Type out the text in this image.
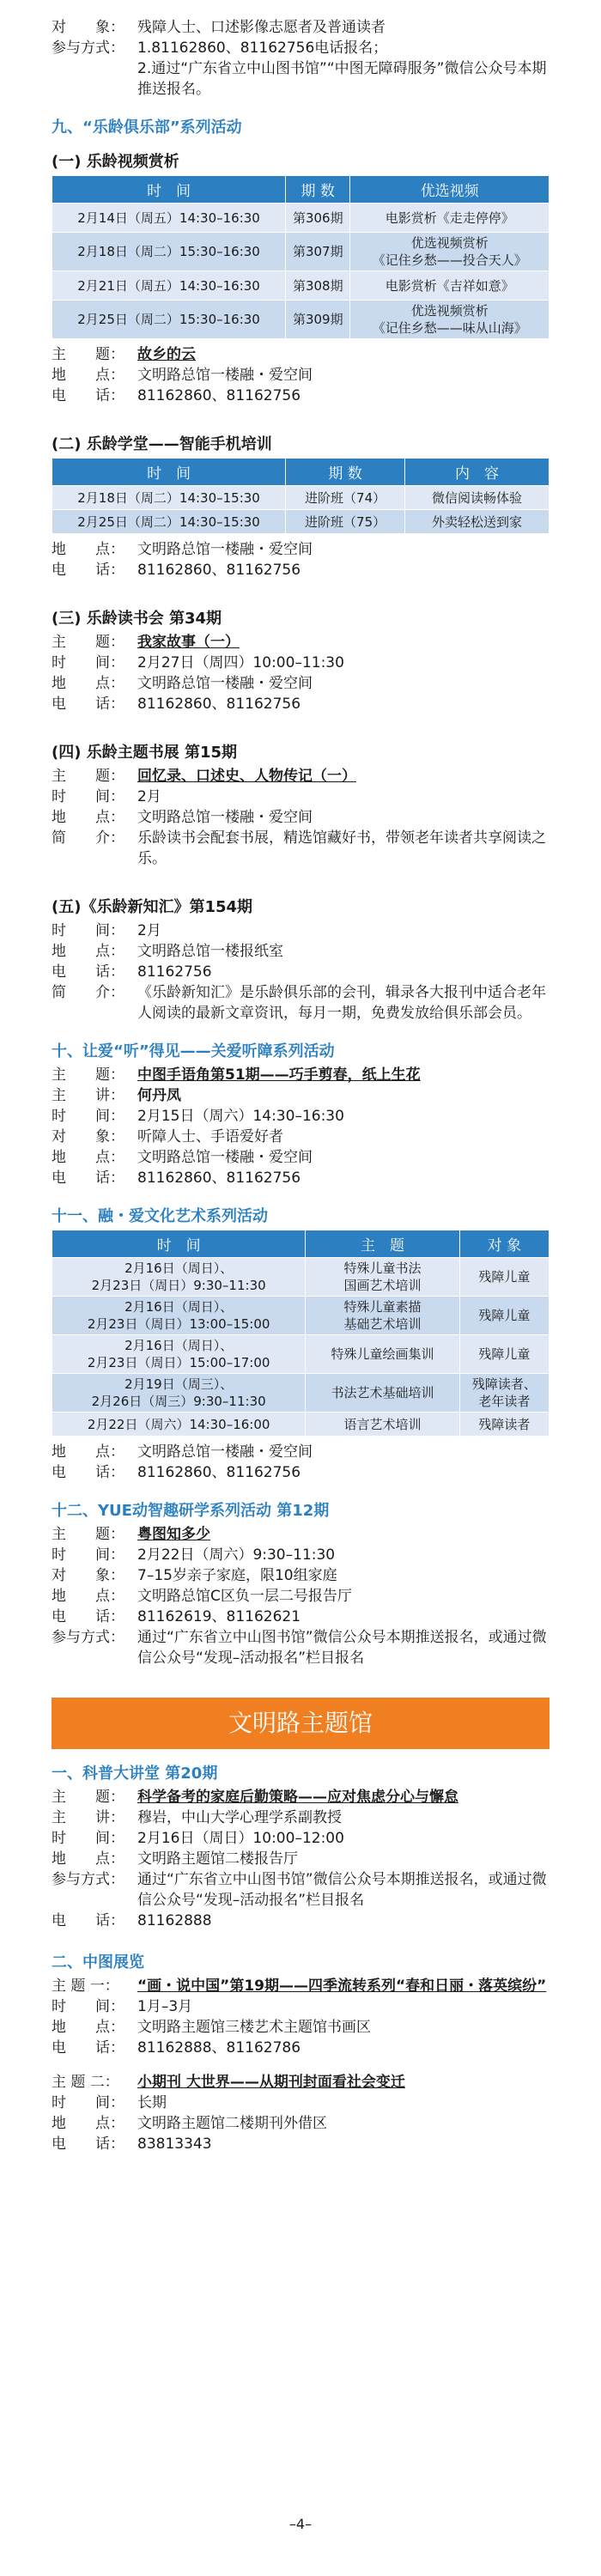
对　　象： 残障人士、口述影像志愿者及普通读者
参与方式： 1.81162860、81162756电话报名；
2.通过“广东省立中山图书馆”“中图无障碍服务”微信公众号本期推送报名。
九、“乐龄俱乐部”系列活动
(一) 乐龄视频赏析
时　间	期 数	优选视频
2月14日（周五）14:30–16:30	第306期	电影赏析《走走停停》
2月18日（周二）15:30–16:30	第307期	优选视频赏析
《记住乡愁——投合天人》
2月21日（周五）14:30–16:30	第308期	电影赏析《吉祥如意》
2月25日（周二）15:30–16:30	第309期	优选视频赏析
《记住乡愁——味从山海》
主　　题： 故乡的云
地　　点： 文明路总馆一楼融・爱空间
电　　话： 81162860、81162756
(二) 乐龄学堂——智能手机培训
时　间	期 数	内　容
2月18日（周二）14:30–15:30	进阶班（74）	微信阅读畅体验
2月25日（周二）14:30–15:30	进阶班（75）	外卖轻松送到家
地　　点： 文明路总馆一楼融・爱空间
电　　话： 81162860、81162756
(三) 乐龄读书会 第34期
主　　题： 我家故事（一）
时　　间： 2月27日（周四）10:00–11:30
地　　点： 文明路总馆一楼融・爱空间
电　　话： 81162860、81162756
(四) 乐龄主题书展 第15期
主　　题： 回忆录、口述史、人物传记（一）
时　　间： 2月
地　　点： 文明路总馆一楼融・爱空间
简　　介： 乐龄读书会配套书展，精选馆藏好书，带领老年读者共享阅读之乐。
(五)《乐龄新知汇》第154期
时　　间： 2月
地　　点： 文明路总馆一楼报纸室
电　　话： 81162756
简　　介： 《乐龄新知汇》是乐龄俱乐部的会刊，辑录各大报刊中适合老年人阅读的最新文章资讯，每月一期，免费发放给俱乐部会员。
十、让爱“听”得见——关爱听障系列活动
主　　题： 中图手语角第51期——巧手剪春，纸上生花
主　　讲： 何丹凤
时　　间： 2月15日（周六）14:30–16:30
对　　象： 听障人士、手语爱好者
地　　点： 文明路总馆一楼融・爱空间
电　　话： 81162860、81162756
十一、融・爱文化艺术系列活动
时　间	主　题	对 象
2月16日（周日）、
2月23日（周日）9:30–11:30	特殊儿童书法
国画艺术培训	残障儿童
2月16日（周日）、
2月23日（周日）13:00–15:00	特殊儿童素描
基础艺术培训	残障儿童
2月16日（周日）、
2月23日（周日）15:00–17:00	特殊儿童绘画集训	残障儿童
2月19日（周三）、
2月26日（周三）9:30–11:30	书法艺术基础培训	残障读者、
老年读者
2月22日（周六）14:30–16:00	语言艺术培训	残障读者
地　　点： 文明路总馆一楼融・爱空间
电　　话： 81162860、81162756
十二、YUE动智趣研学系列活动 第12期
主　　题： 粤图知多少
时　　间： 2月22日（周六）9:30–11:30
对　　象： 7–15岁亲子家庭，限10组家庭
地　　点： 文明路总馆C区负一层二号报告厅
电　　话： 81162619、81162621
参与方式： 通过“广东省立中山图书馆”微信公众号本期推送报名，或通过微信公众号“发现–活动报名”栏目报名
文明路主题馆
一、科普大讲堂 第20期
主　　题： 科学备考的家庭后勤策略——应对焦虑分心与懈怠
主　　讲： 穆岩，中山大学心理学系副教授
时　　间： 2月16日（周日）10:00–12:00
地　　点： 文明路主题馆二楼报告厅
参与方式： 通过“广东省立中山图书馆”微信公众号本期推送报名，或通过微信公众号“发现–活动报名”栏目报名
电　　话： 81162888
二、中图展览
主 题 一：	“画・说中国”第19期——四季流转系列“春和日丽・落英缤纷”
时　　间： 1月–3月
地　　点： 文明路主题馆三楼艺术主题馆书画区
电　　话： 81162888、81162786
主 题 二：	小期刊 大世界——从期刊封面看社会变迁
时　　间： 长期
地　　点： 文明路主题馆二楼期刊外借区
电　　话： 83813343
–4–
